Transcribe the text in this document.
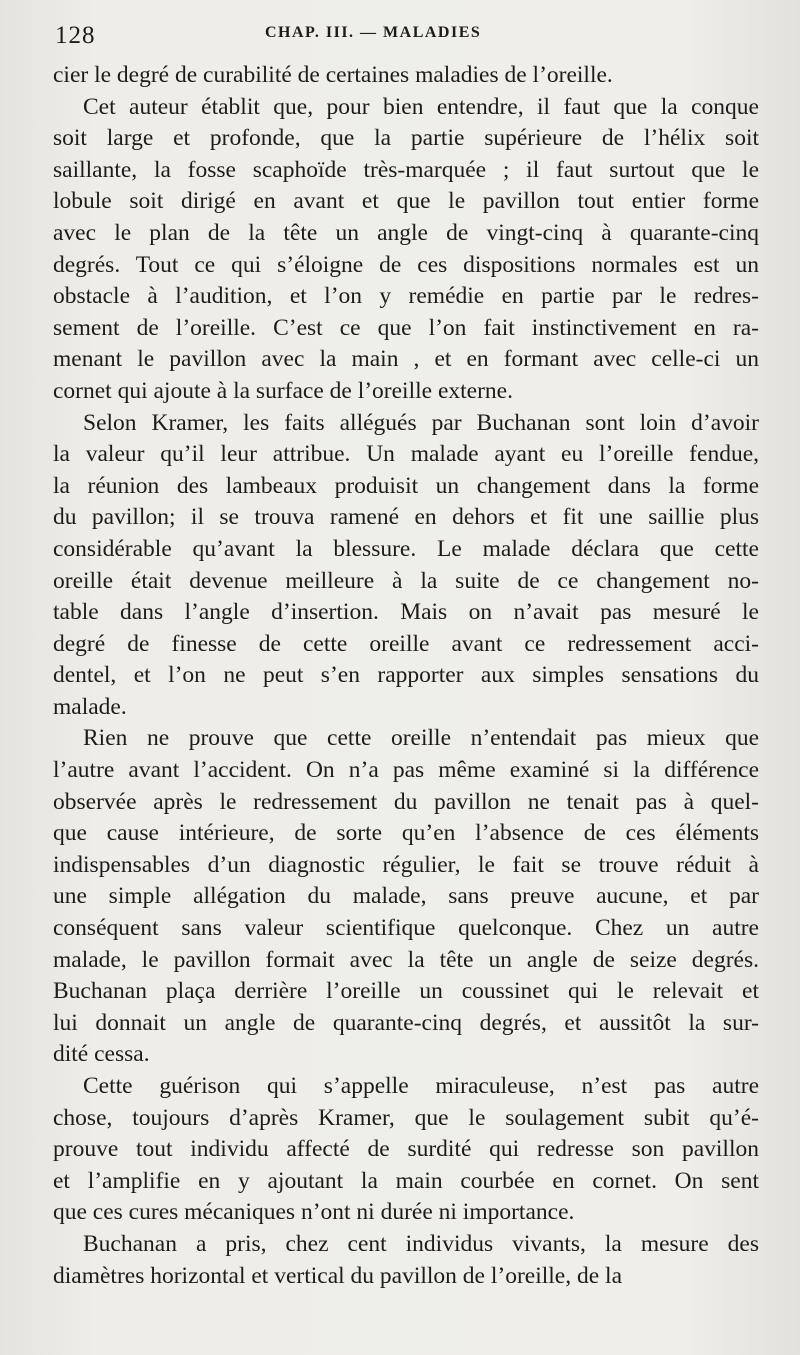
128	CHAP. III. — MALADIES
cier le degré de curabilité de certaines maladies de l’oreille.
Cet auteur établit que, pour bien entendre, il faut que la conque
soit large et profonde, que la partie supérieure de l’hélix soit
saillante, la fosse scaphoïde très-marquée ; il faut surtout que le
lobule soit dirigé en avant et que le pavillon tout entier forme
avec le plan de la tête un angle de vingt-cinq à quarante-cinq
degrés. Tout ce qui s’éloigne de ces dispositions normales est un
obstacle à l’audition, et l’on y remédie en partie par le redres-
sement de l’oreille. C’est ce que l’on fait instinctivement en ra-
menant le pavillon avec la main , et en formant avec celle-ci un
cornet qui ajoute à la surface de l’oreille externe.
Selon Kramer, les faits allégués par Buchanan sont loin d’avoir
la valeur qu’il leur attribue. Un malade ayant eu l’oreille fendue,
la réunion des lambeaux produisit un changement dans la forme
du pavillon; il se trouva ramené en dehors et fit une saillie plus
considérable qu’avant la blessure. Le malade déclara que cette
oreille était devenue meilleure à la suite de ce changement no-
table dans l’angle d’insertion. Mais on n’avait pas mesuré le
degré de finesse de cette oreille avant ce redressement acci-
dentel, et l’on ne peut s’en rapporter aux simples sensations du
malade.
Rien ne prouve que cette oreille n’entendait pas mieux que
l’autre avant l’accident. On n’a pas même examiné si la différence
observée après le redressement du pavillon ne tenait pas à quel-
que cause intérieure, de sorte qu’en l’absence de ces éléments
indispensables d’un diagnostic régulier, le fait se trouve réduit à
une simple allégation du malade, sans preuve aucune, et par
conséquent sans valeur scientifique quelconque. Chez un autre
malade, le pavillon formait avec la tête un angle de seize degrés.
Buchanan plaça derrière l’oreille un coussinet qui le relevait et
lui donnait un angle de quarante-cinq degrés, et aussitôt la sur-
dité cessa.
Cette guérison qui s’appelle miraculeuse, n’est pas autre
chose, toujours d’après Kramer, que le soulagement subit qu’é-
prouve tout individu affecté de surdité qui redresse son pavillon
et l’amplifie en y ajoutant la main courbée en cornet. On sent
que ces cures mécaniques n’ont ni durée ni importance.
Buchanan a pris, chez cent individus vivants, la mesure des
diamètres horizontal et vertical du pavillon de l’oreille, de la
